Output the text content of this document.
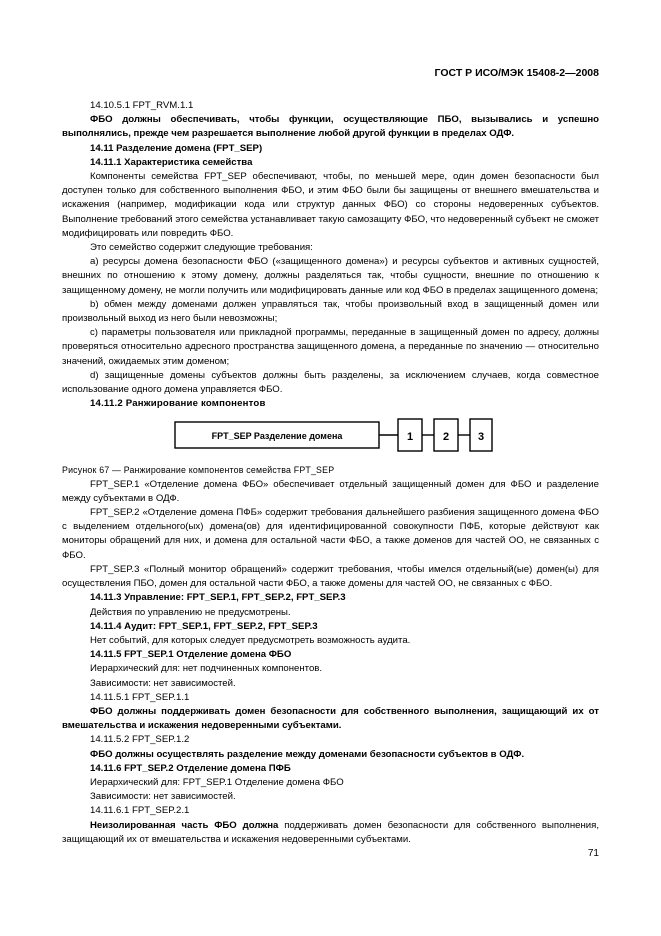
ГОСТ Р ИСО/МЭК 15408-2—2008

14.10.5.1 FPT_RVM.1.1

ФБО должны обеспечивать, чтобы функции, осуществляющие ПБО, вызывались и успешно выполнялись, прежде чем разрешается выполнение любой другой функции в пределах ОДФ.

14.11 Разделение домена (FPT_SEP)

14.11.1 Характеристика семейства

Компоненты семейства FPT_SEP обеспечивают, чтобы, по меньшей мере, один домен безопасности был доступен только для собственного выполнения ФБО, и этим ФБО были бы защищены от внешнего вмешательства и искажения (например, модификации кода или структур данных ФБО) со стороны недоверенных субъектов. Выполнение требований этого семейства устанавливает такую самозащиту ФБО, что недоверенный субъект не сможет модифицировать или повредить ФБО.

Это семейство содержит следующие требования:

а) ресурсы домена безопасности ФБО («защищенного домена») и ресурсы субъектов и активных сущностей, внешних по отношению к этому домену, должны разделяться так, чтобы сущности, внешние по отношению к защищенному домену, не могли получить или модифицировать данные или код ФБО в пределах защищенного домена;

b) обмен между доменами должен управляться так, чтобы произвольный вход в защищенный домен или произвольный выход из него были невозможны;

с) параметры пользователя или прикладной программы, переданные в защищенный домен по адресу, должны проверяться относительно адресного пространства защищенного домена, а переданные по значению — относительно значений, ожидаемых этим доменом;

d) защищенные домены субъектов должны быть разделены, за исключением случаев, когда совместное использование одного домена управляется ФБО.

14.11.2 Ранжирование компонентов

FPT_SEP Разделение домена	1	2	3

Рисунок 67 — Ранжирование компонентов семейства FPT_SEP

FPT_SEP.1 «Отделение домена ФБО» обеспечивает отдельный защищенный домен для ФБО и разделение между субъектами в ОДФ.

FPT_SEP.2 «Отделение домена ПФБ» содержит требования дальнейшего разбиения защищенного домена ФБО с выделением отдельного(ых) домена(ов) для идентифицированной совокупности ПФБ, которые действуют как мониторы обращений для них, и домена для остальной части ФБО, а также доменов для частей ОО, не связанных с ФБО.

FPT_SEP.3 «Полный монитор обращений» содержит требования, чтобы имелся отдельный(ые) домен(ы) для осуществления ПБО, домен для остальной части ФБО, а также домены для частей ОО, не связанных с ФБО.

14.11.3 Управление: FPT_SEP.1, FPT_SEP.2, FPT_SEP.3

Действия по управлению не предусмотрены.

14.11.4 Аудит: FPT_SEP.1, FPT_SEP.2, FPT_SEP.3

Нет событий, для которых следует предусмотреть возможность аудита.

14.11.5 FPT_SEP.1 Отделение домена ФБО

Иерархический для: нет подчиненных компонентов.

Зависимости: нет зависимостей.

14.11.5.1 FPT_SEP.1.1

ФБО должны поддерживать домен безопасности для собственного выполнения, защищающий их от вмешательства и искажения недоверенными субъектами.

14.11.5.2 FPT_SEP.1.2

ФБО должны осуществлять разделение между доменами безопасности субъектов в ОДФ.

14.11.6 FPT_SEP.2 Отделение домена ПФБ

Иерархический для: FPT_SEP.1 Отделение домена ФБО

Зависимости: нет зависимостей.

14.11.6.1 FPT_SEP.2.1

Неизолированная часть ФБО должна поддерживать домен безопасности для собственного выполнения, защищающий их от вмешательства и искажения недоверенными субъектами.

71
